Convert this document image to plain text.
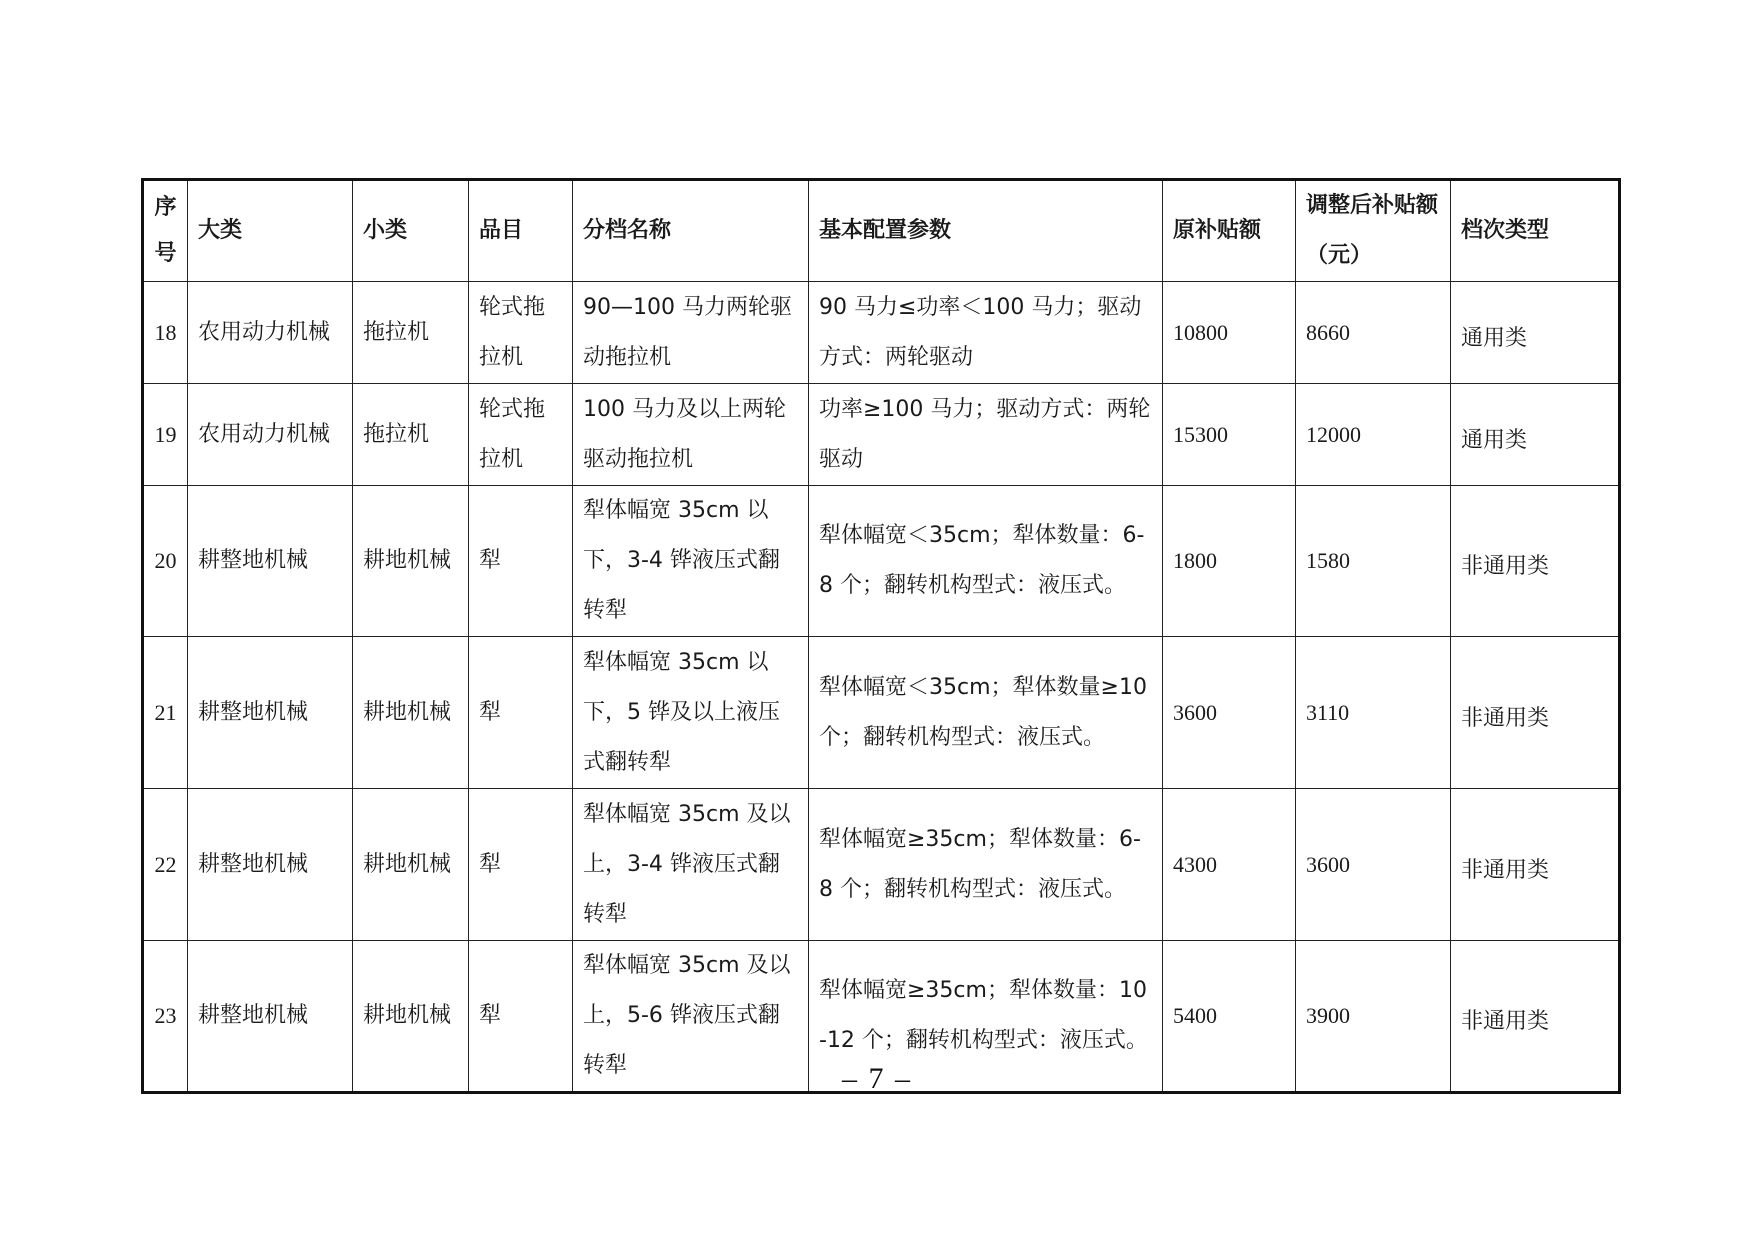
序号	大类	小类	品目	分档名称	基本配置参数	原补贴额	调整后补贴额（元）	档次类型
18	农用动力机械	拖拉机	轮式拖拉机	90—100 马力两轮驱动拖拉机	90 马力≤功率＜100 马力；驱动方式：两轮驱动	10800	8660	通用类
19	农用动力机械	拖拉机	轮式拖拉机	100 马力及以上两轮驱动拖拉机	功率≥100 马力；驱动方式：两轮驱动	15300	12000	通用类
20	耕整地机械	耕地机械	犁	犁体幅宽 35cm 以下，3-4 铧液压式翻转犁	犁体幅宽＜35cm；犁体数量：6-8 个；翻转机构型式：液压式。	1800	1580	非通用类
21	耕整地机械	耕地机械	犁	犁体幅宽 35cm 以下，5 铧及以上液压式翻转犁	犁体幅宽＜35cm；犁体数量≥10 个；翻转机构型式：液压式。	3600	3110	非通用类
22	耕整地机械	耕地机械	犁	犁体幅宽 35cm 及以上，3-4 铧液压式翻转犁	犁体幅宽≥35cm；犁体数量：6-8 个；翻转机构型式：液压式。	4300	3600	非通用类
23	耕整地机械	耕地机械	犁	犁体幅宽 35cm 及以上，5-6 铧液压式翻转犁	犁体幅宽≥35cm；犁体数量：10-12 个；翻转机构型式：液压式。	5400	3900	非通用类
– 7 –
